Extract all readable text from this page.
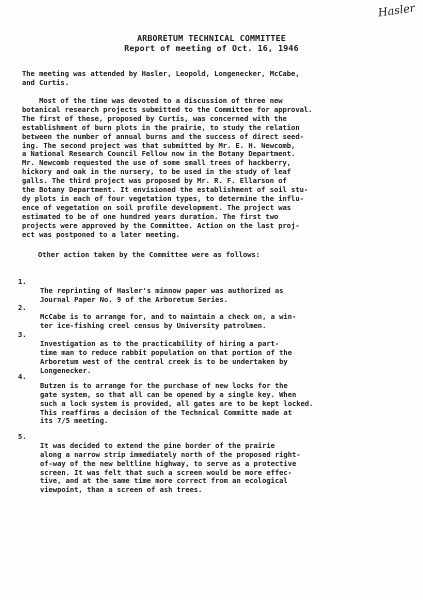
Hasler
ARBORETUM TECHNICAL COMMITTEE
Report of meeting of Oct. 16, 1946
The meeting was attended by Hasler, Leopold, Longenecker, McCabe,
and Curtis.
Most of the time was devoted to a discussion of three new
botanical research projects submitted to the Committee for approval.
The first of these, proposed by Curtis, was concerned with the
establishment of burn plots in the prairie, to study the relation
between the number of annual burns and the success of direct seed-
ing. The second project was that submitted by Mr. E. H. Newcomb,
a National Research Council Fellow now in the Botany Department.
Mr. Newcomb requested the use of some small trees of hackberry,
hickory and oak in the nursery, to be used in the study of leaf
galls. The third project was proposed by Mr. R. F. Ellarson of
the Botany Department. It envisioned the establishment of soil stu-
dy plots in each of four vegetation types, to determine the influ-
ence of vegetation on soil profile development. The project was
estimated to be of one hundred years duration. The first two
projects were approved by the Committee. Action on the last proj-
ect was postponed to a later meeting.
Other action taken by the Committee were as follows:

1.

The reprinting of Hasler's minnow paper was authorized as
Journal Paper No. 9 of the Arboretum Series.

2.

McCabe is to arrange for, and to maintain a check on, a win-
ter ice-fishing creel census by University patrolmen.

3.

Investigation as to the practicability of hiring a part-
time man to reduce rabbit population on that portion of the
Arboretum west of the central creek is to be undertaken by
Longenecker.

4.

Butzen is to arrange for the purchase of new locks for the
gate system, so that all can be opened by a single key. When
such a lock system is provided, all gates are to be kept locked.
This reaffirms a decision of the Technical Committe made at
its 7/5 meeting.

5.

It was decided to extend the pine border of the prairie
along a narrow strip immediately north of the proposed right-
of-way of the new beltline highway, to serve as a protective
screen. It was felt that such a screen would be more effec-
tive, and at the same time more correct from an ecological
viewpoint, than a screen of ash trees.
